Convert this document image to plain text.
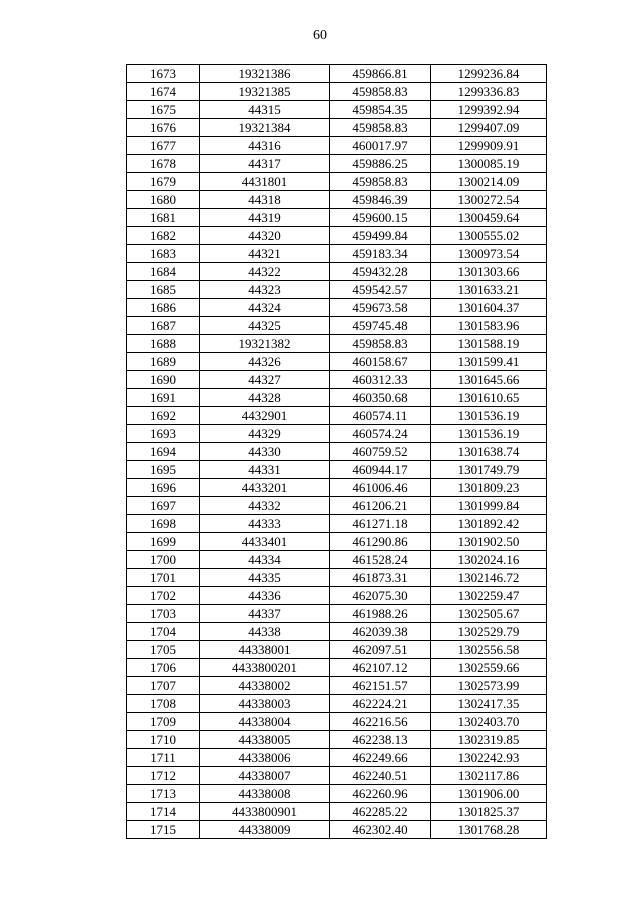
60
1673	19321386	459866.81	1299236.84
1674	19321385	459858.83	1299336.83
1675	44315	459854.35	1299392.94
1676	19321384	459858.83	1299407.09
1677	44316	460017.97	1299909.91
1678	44317	459886.25	1300085.19
1679	4431801	459858.83	1300214.09
1680	44318	459846.39	1300272.54
1681	44319	459600.15	1300459.64
1682	44320	459499.84	1300555.02
1683	44321	459183.34	1300973.54
1684	44322	459432.28	1301303.66
1685	44323	459542.57	1301633.21
1686	44324	459673.58	1301604.37
1687	44325	459745.48	1301583.96
1688	19321382	459858.83	1301588.19
1689	44326	460158.67	1301599.41
1690	44327	460312.33	1301645.66
1691	44328	460350.68	1301610.65
1692	4432901	460574.11	1301536.19
1693	44329	460574.24	1301536.19
1694	44330	460759.52	1301638.74
1695	44331	460944.17	1301749.79
1696	4433201	461006.46	1301809.23
1697	44332	461206.21	1301999.84
1698	44333	461271.18	1301892.42
1699	4433401	461290.86	1301902.50
1700	44334	461528.24	1302024.16
1701	44335	461873.31	1302146.72
1702	44336	462075.30	1302259.47
1703	44337	461988.26	1302505.67
1704	44338	462039.38	1302529.79
1705	44338001	462097.51	1302556.58
1706	4433800201	462107.12	1302559.66
1707	44338002	462151.57	1302573.99
1708	44338003	462224.21	1302417.35
1709	44338004	462216.56	1302403.70
1710	44338005	462238.13	1302319.85
1711	44338006	462249.66	1302242.93
1712	44338007	462240.51	1302117.86
1713	44338008	462260.96	1301906.00
1714	4433800901	462285.22	1301825.37
1715	44338009	462302.40	1301768.28
